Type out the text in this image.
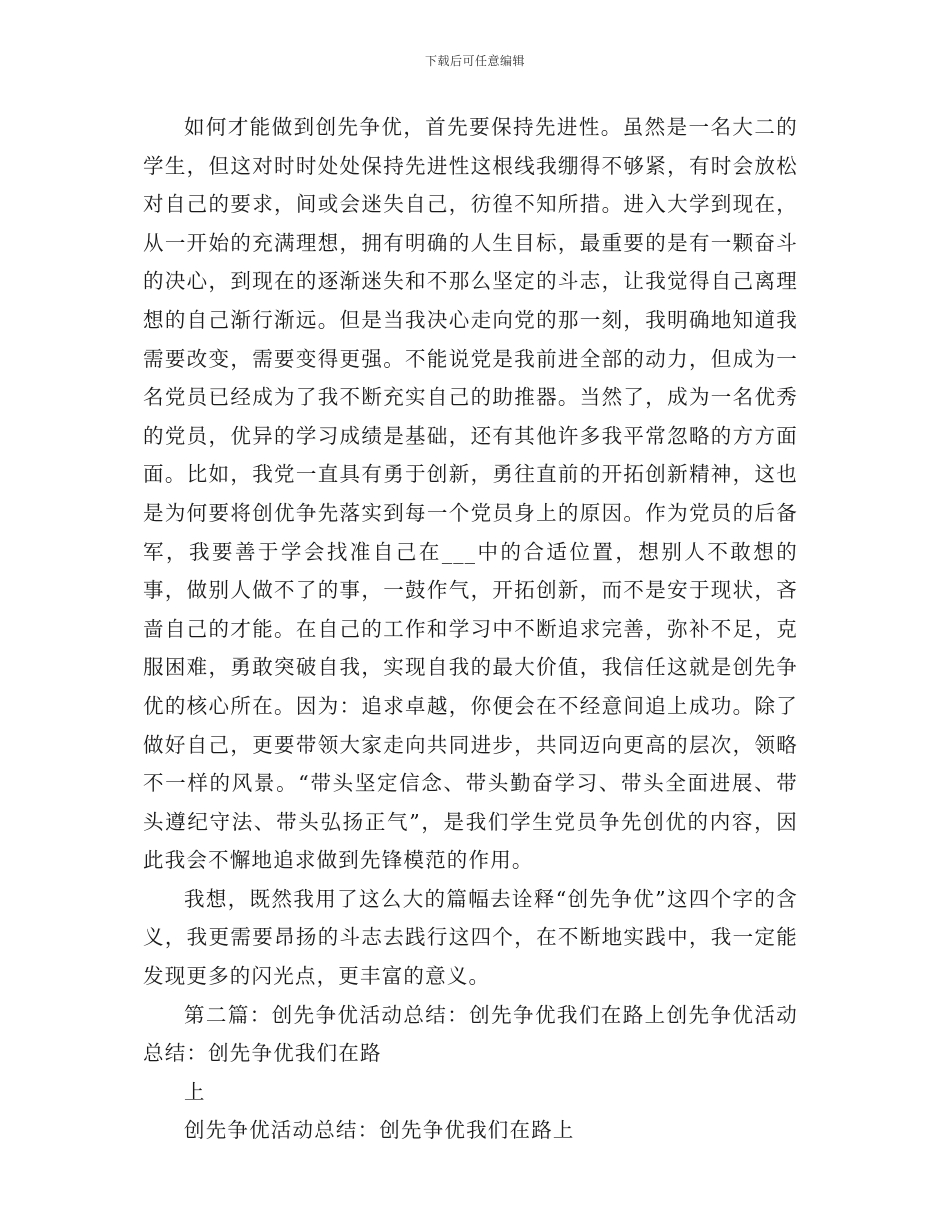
下载后可任意编辑

如何才能做到创先争优，首先要保持先进性。虽然是一名大二的学生，但这对时时处处保持先进性这根线我绷得不够紧，有时会放松对自己的要求，间或会迷失自己，彷徨不知所措。进入大学到现在，从一开始的充满理想，拥有明确的人生目标，最重要的是有一颗奋斗的决心，到现在的逐渐迷失和不那么坚定的斗志，让我觉得自己离理想的自己渐行渐远。但是当我决心走向党的那一刻，我明确地知道我需要改变，需要变得更强。不能说党是我前进全部的动力，但成为一名党员已经成为了我不断充实自己的助推器。当然了，成为一名优秀的党员，优异的学习成绩是基础，还有其他许多我平常忽略的方方面面。比如，我党一直具有勇于创新，勇往直前的开拓创新精神，这也是为何要将创优争先落实到每一个党员身上的原因。作为党员的后备军，我要善于学会找准自己在___中的合适位置，想别人不敢想的事，做别人做不了的事，一鼓作气，开拓创新，而不是安于现状，吝啬自己的才能。在自己的工作和学习中不断追求完善，弥补不足，克服困难，勇敢突破自我，实现自我的最大价值，我信任这就是创先争优的核心所在。因为：追求卓越，你便会在不经意间追上成功。除了做好自己，更要带领大家走向共同进步，共同迈向更高的层次，领略不一样的风景。“带头坚定信念、带头勤奋学习、带头全面进展、带头遵纪守法、带头弘扬正气”，是我们学生党员争先创优的内容，因此我会不懈地追求做到先锋模范的作用。

我想，既然我用了这么大的篇幅去诠释“创先争优”这四个字的含义，我更需要昂扬的斗志去践行这四个，在不断地实践中，我一定能发现更多的闪光点，更丰富的意义。

第二篇：创先争优活动总结：创先争优我们在路上创先争优活动总结：创先争优我们在路

上

创先争优活动总结：创先争优我们在路上
